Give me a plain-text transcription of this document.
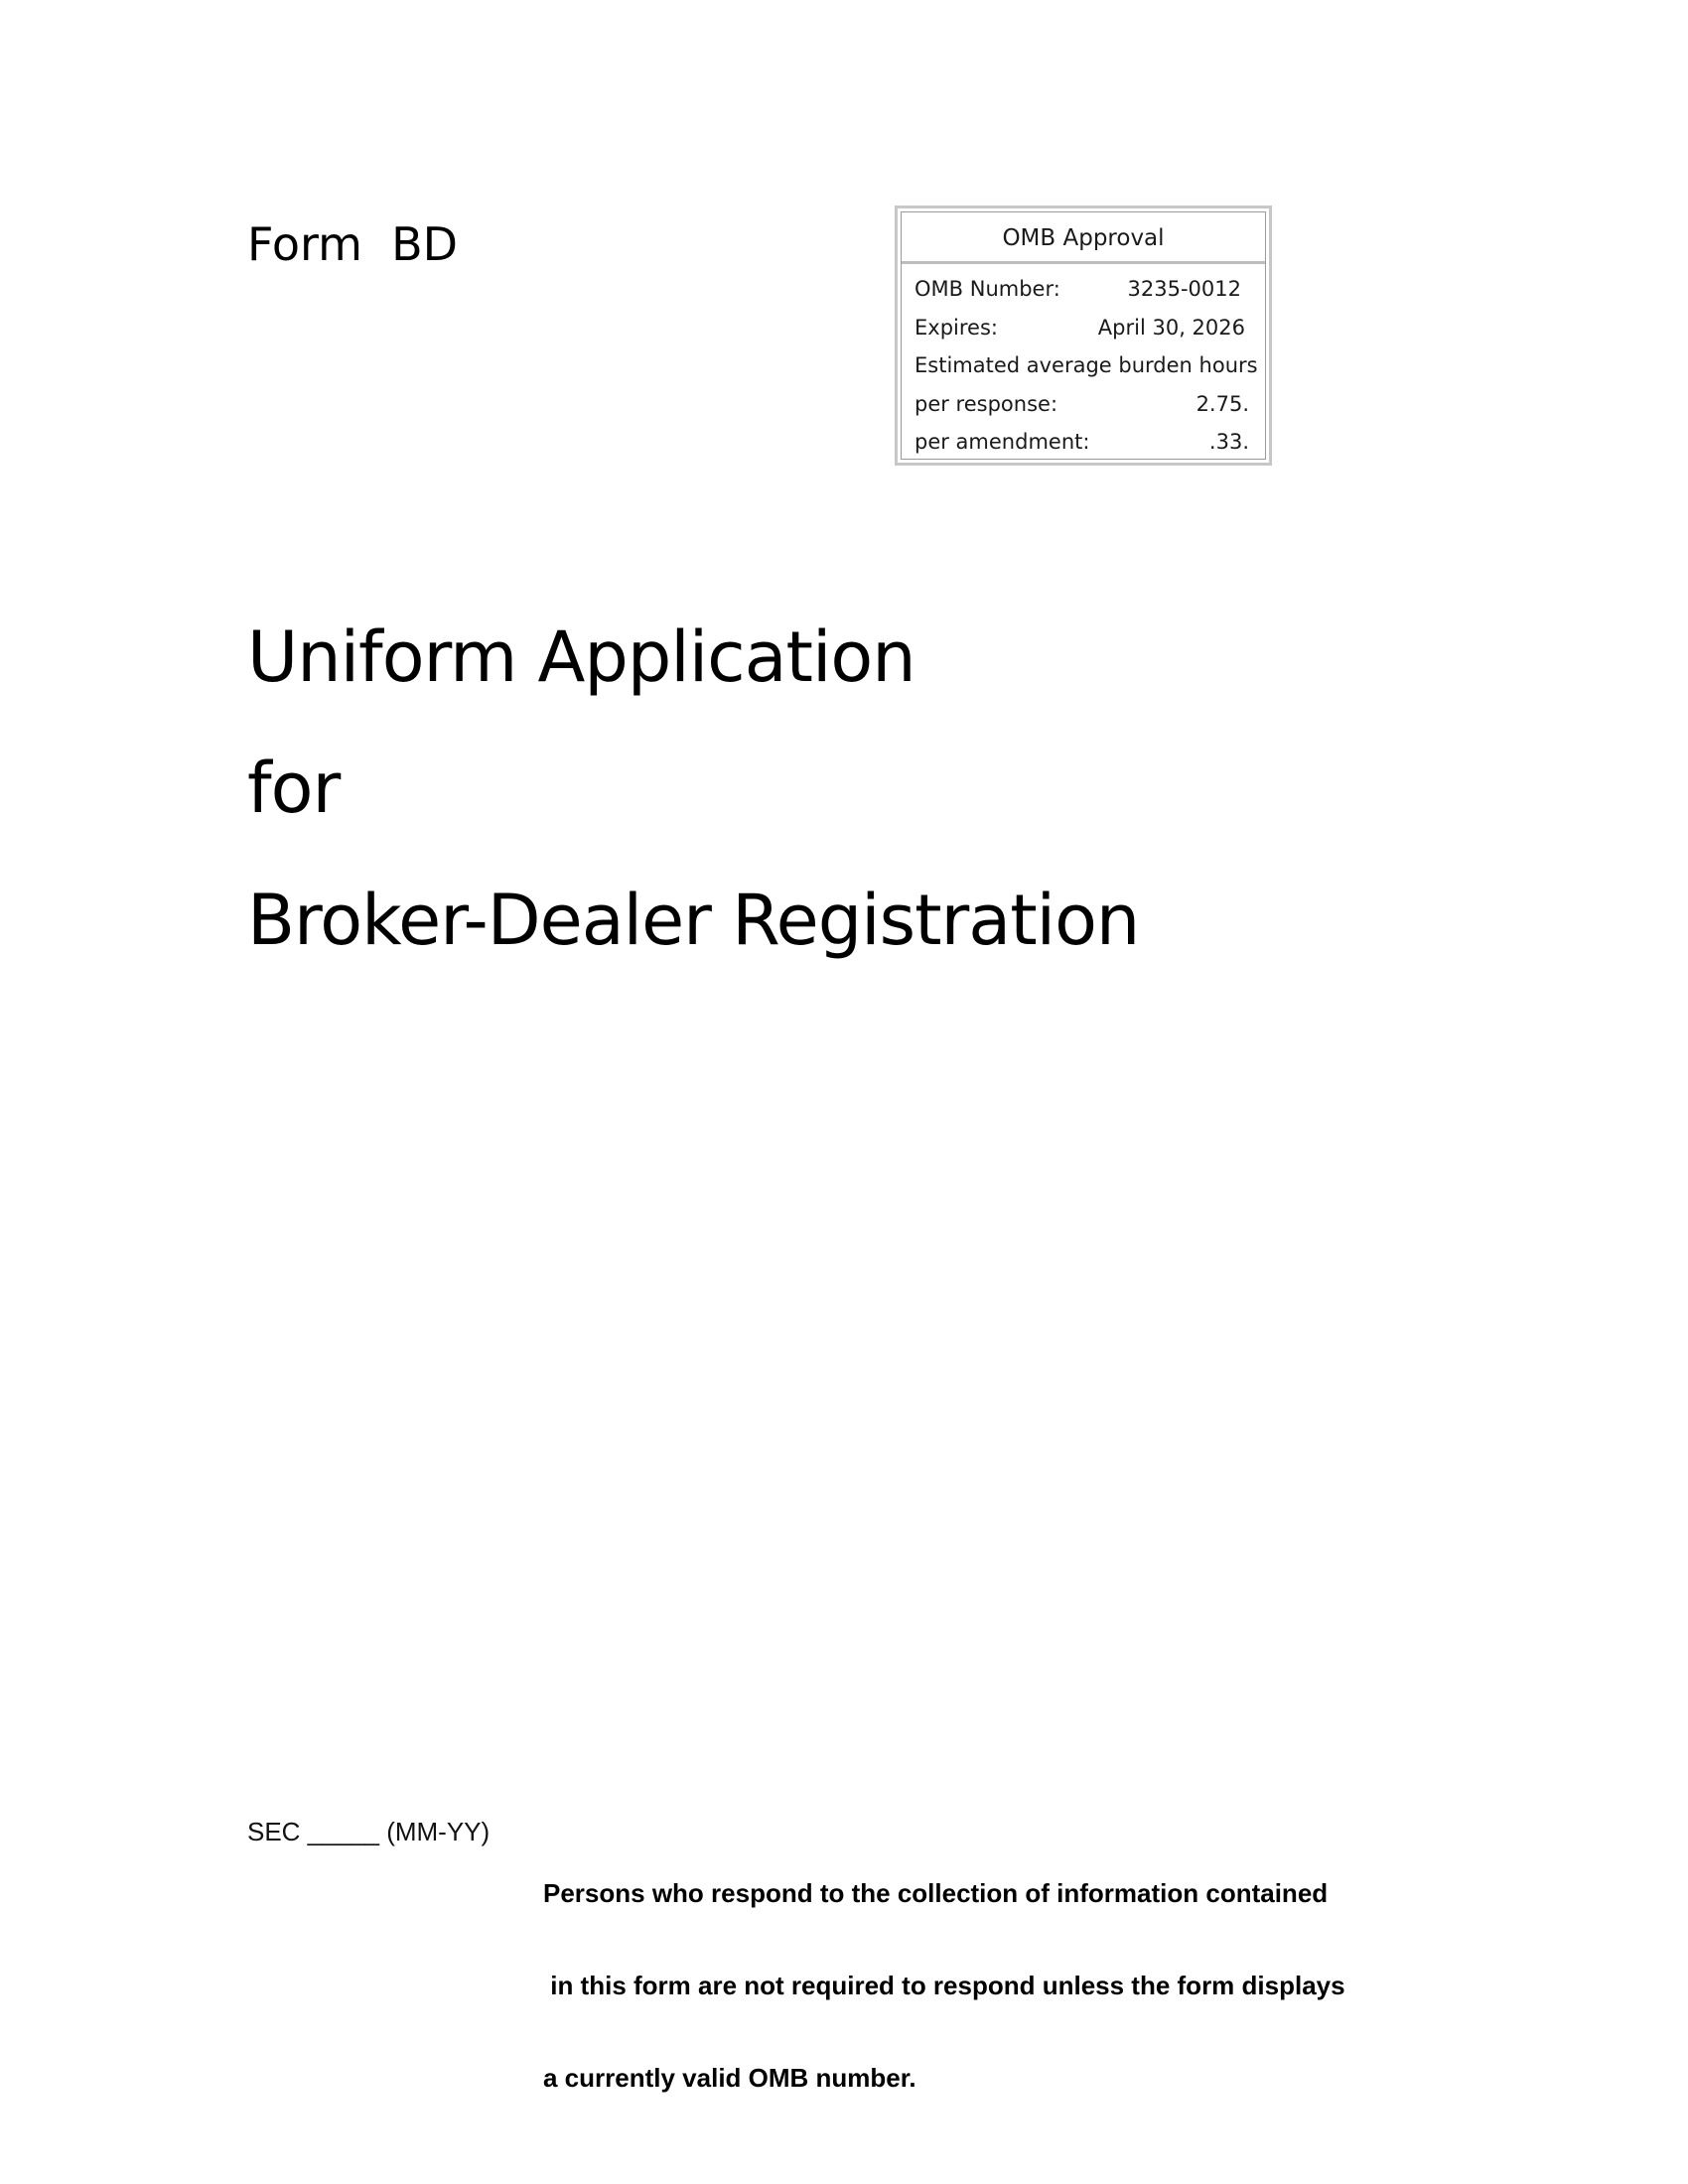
Form  BD	OMB Approval
OMB Number:	3235-0012
Expires:	April 30, 2026
Estimated average burden hours
per response:	2.75.
per amendment:	.33.
Uniform Application
for
Broker-Dealer Registration
SEC _____ (MM-YY)

Persons who respond to the collection of information contained

in this form are not required to respond unless the form displays

a currently valid OMB number.
